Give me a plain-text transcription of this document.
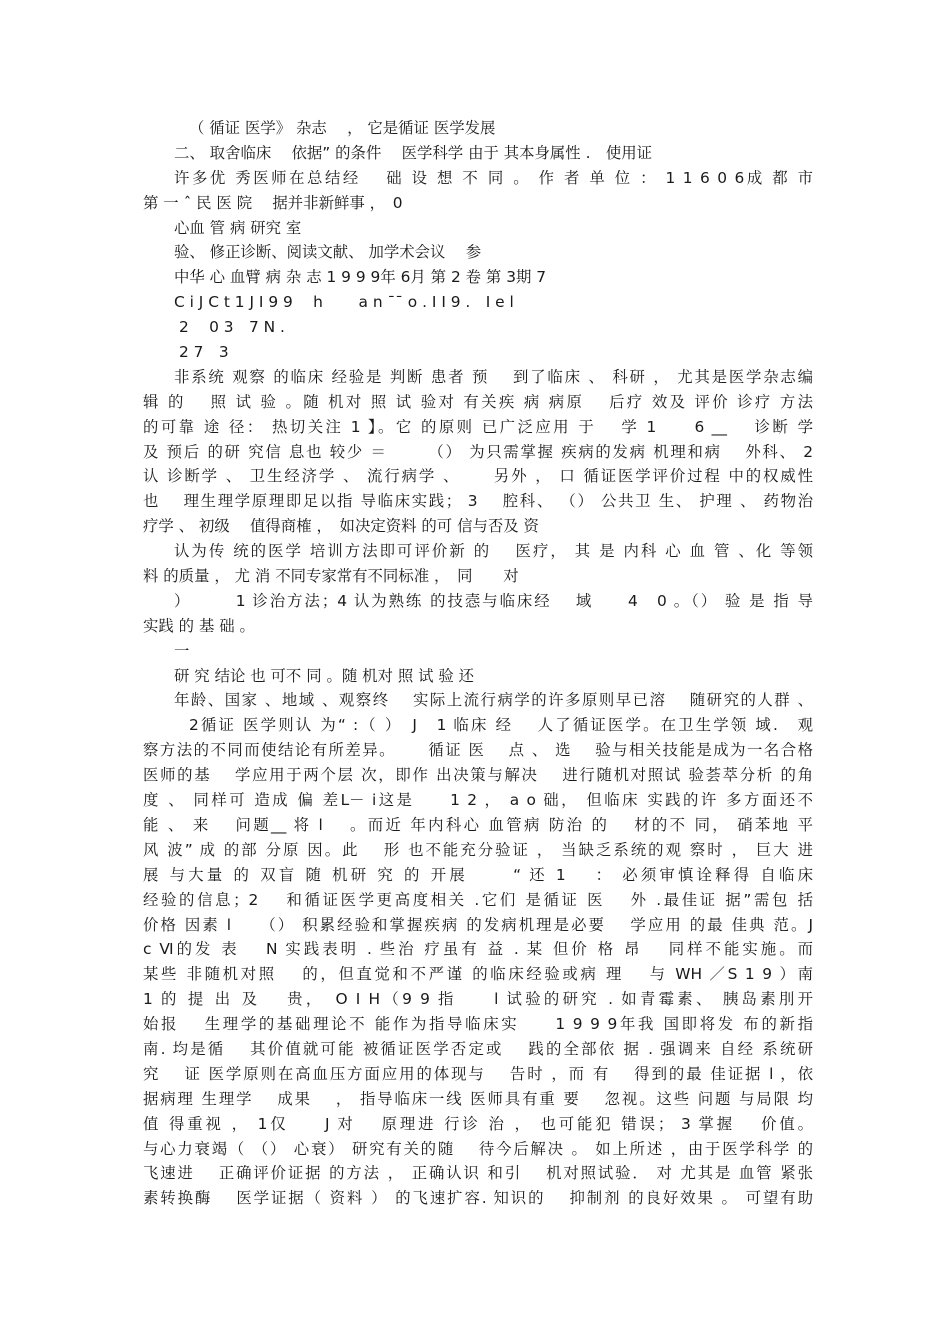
（ 循证 医学》 杂志　 ， 它是循证 医学发展
二、 取舍临床　 依据” 的条件　 医学科学 由于 其本身属性 .　使用证
许多优 秀医师在总结经　 础 设 想 不 同 。 作 者 单 位 ： 1 1 6 0 6成 都 市
第 一 ˆ 民 医 院　 据并非新鲜事 ，　0
心血 管 病 研究 室
验、 修正诊断、阅读文献、 加学术会议　 参
中华 心 血臂 病 杂 志 1 9 9 9年 6月 第 2 卷 第 3期 7
C i J C t 1 J I 9 9　 h　　 a n ¯¯ o . I I 9 .　I e l
2　 0 3　7 N .
2 7　3
非系统 观察 的临床 经验是 判断 患者 预　 到了临床 、 科研 ， 尤其是医学杂志编
辑 的　 照 试 验 。随 机对 照 试 验对 有关疾 病 病原　 后疗 效及 评价 诊疗 方法
的可靠 途 径： 热切关注 1 】。它 的原则 已广泛应用 于　 学 1　　6 __　 诊断 学
及 预后 的研 究信 息也 较少 ＝　　 （） 为只需掌握 疾病的发病 机理和病　 外科、 2
认 诊断学 、 卫生经济学 、 流行病学 、　　 另外 ， 口 循证医学评价过程 中的权威性
也　 理生理学原理即足以指 导临床实践； 3　 腔科、 （） 公共卫 生、 护理 、 药物治
疗学 、 初级　 值得商榷 ，　如决定资料 的可 信与否及 资
认为传 统的医学 培训方法即可评价新 的　 医疗， 其 是 内科 心 血 管 、化 等领
料 的质量 ， 尤 消 不同专家常有不同标准 ，　同　　对
）　　　1 诊治方法；4 认为熟练 的技悫与临床经　 域　　4　0 。（） 验 是 指 导
实践 的 基 础 。
一
研 究 结论 也 可不 同 。随 机对 照 试 验 还
年龄、国家 、地域 、观察终　 实际上流行病学的许多原则早已溶　 随研究的人群 、
2循证 医学则认 为“ :（ ）　J　1 临床 经　 人了循证医学。在卫生学领 域.　观
察方法的不同而使结论有所差异。　　 循证 医　 点 、 选　 验与相关技能是成为一名合格
医师的基　 学应用于两个层 次，即作 出决策与解决　 进行随机对照试 验荟萃分析 的角
度 、 同样可 造成 偏 差L－ i这是　　1 2 ， a o 础， 但临床 实践的许 多方面还不
能 、 来　 问题__ 将 l　 。而近 年内科心 血管病 防治 的　 材的不 同， 硝苯地 平
风 波” 成 的部 分原 因。此　 形 也不能充分验证 ， 当缺乏系统的观 察时 ， 巨大 进
展 与大量 的 双盲 随 机研 究 的 开展　　 “ 还 1　 ： 必须审慎诠释得 自临床
经验的信息；2　 和循证医学更高度相关 .它们 是循证 医　 外 .最佳证 据”需包 括
价格 因素 l　　（） 积累经验和掌握疾病 的发病机理是必要　 学应用 的最 佳典 范。J
c Ⅵ的发 表　 N 实践表明 . 些治 疗虽有 益 . 某 但价 格 昂　 同样不能实施。而
某些 非随机对照　 的，但直觉和不严谨 的临床经验或病 理　 与 WH ／S 1 9 ）南
1 的 提 出 及　 贵，　O I H（9 9 指　　l 试验的研究 . 如青霉素、 胰岛素刖开
始报　 生理学的基础理论不 能作为指导临床实　　1 9 9 9年我 国即将发 布的新指
南. 均是循　 其价值就可能 被循证医学否定或　 践的全部依 据 . 强调来 自经 系统研
究　 证 医学原则在高血压方面应用的体现与　 告时 ，而 有　 得到的最 佳证据 l ，依
据病理 生理学　 成果　 ， 指导临床一线 医师具有重 要　 忽视。这些 问题 与局限 均
值 得重视 ， 1仅　　J 对　 原理进 行诊 治 ， 也可能犯 错误； 3 掌握　 价值。
与心力衰竭（ （） 心衰） 研究有关的随　 待今后解决 。 如上所述 ，由于医学科学 的
飞速进　 正确评价证据 的方法 ， 正确认识 和引　 机对照试验． 对 尤其是 血管 紧张
素转换酶　 医学证据（ 资料 ） 的飞速扩容. 知识的　 抑制剂 的良好效果 。 可望有助
